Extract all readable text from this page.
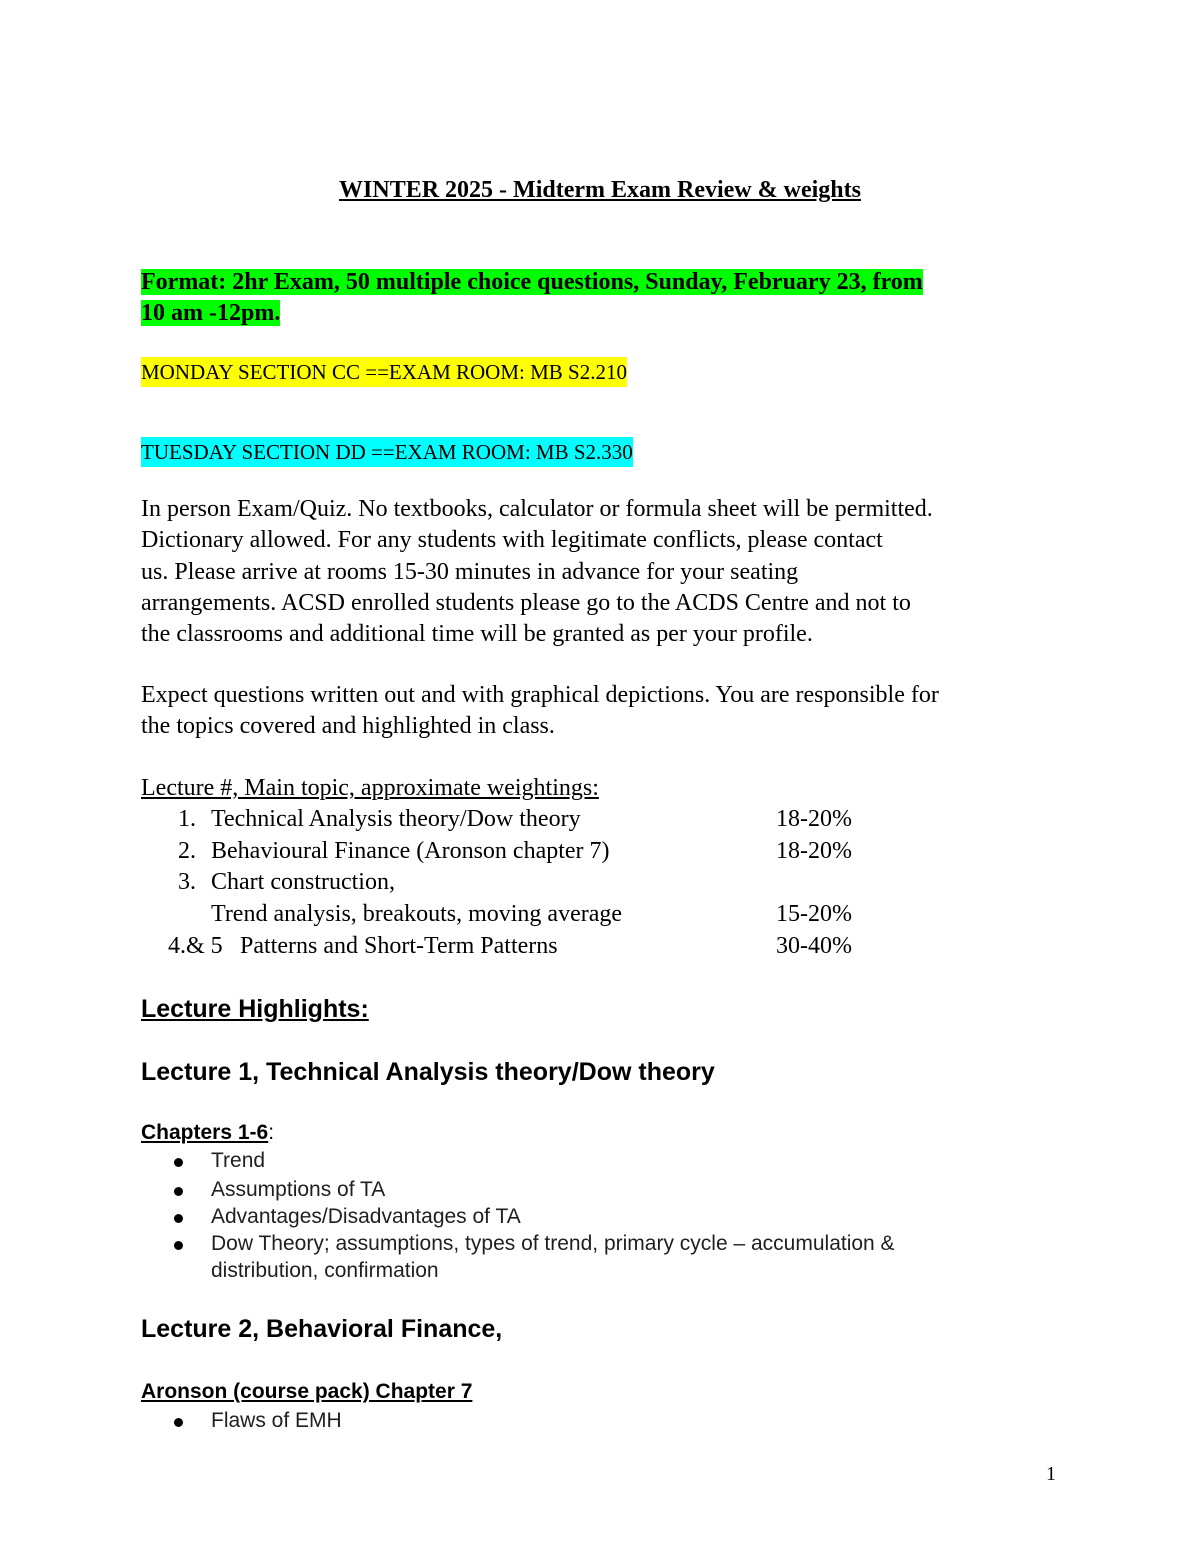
WINTER 2025 - Midterm Exam Review & weights
Format: 2hr Exam, 50 multiple choice questions, Sunday, February 23, from
10 am -12pm.
MONDAY SECTION CC ==EXAM ROOM: MB S2.210
TUESDAY SECTION DD ==EXAM ROOM: MB S2.330
In person Exam/Quiz. No textbooks, calculator or formula sheet will be permitted.
Dictionary allowed. For any students with legitimate conflicts, please contact
us. Please arrive at rooms 15-30 minutes in advance for your seating
arrangements. ACSD enrolled students please go to the ACDS Centre and not to
the classrooms and additional time will be granted as per your profile.
Expect questions written out and with graphical depictions. You are responsible for
the topics covered and highlighted in class.
Lecture #, Main topic, approximate weightings:
1. Technical Analysis theory/Dow theory	18-20%
2. Behavioural Finance (Aronson chapter 7)	18-20%
3. Chart construction,
Trend analysis, breakouts, moving average	15-20%
4.& 5 Patterns and Short-Term Patterns	30-40%
Lecture Highlights:
Lecture 1, Technical Analysis theory/Dow theory
Chapters 1-6:
Trend
Assumptions of TA
Advantages/Disadvantages of TA
Dow Theory; assumptions, types of trend, primary cycle – accumulation &
distribution, confirmation
Lecture 2, Behavioral Finance,
Aronson (course pack) Chapter 7
Flaws of EMH
1
